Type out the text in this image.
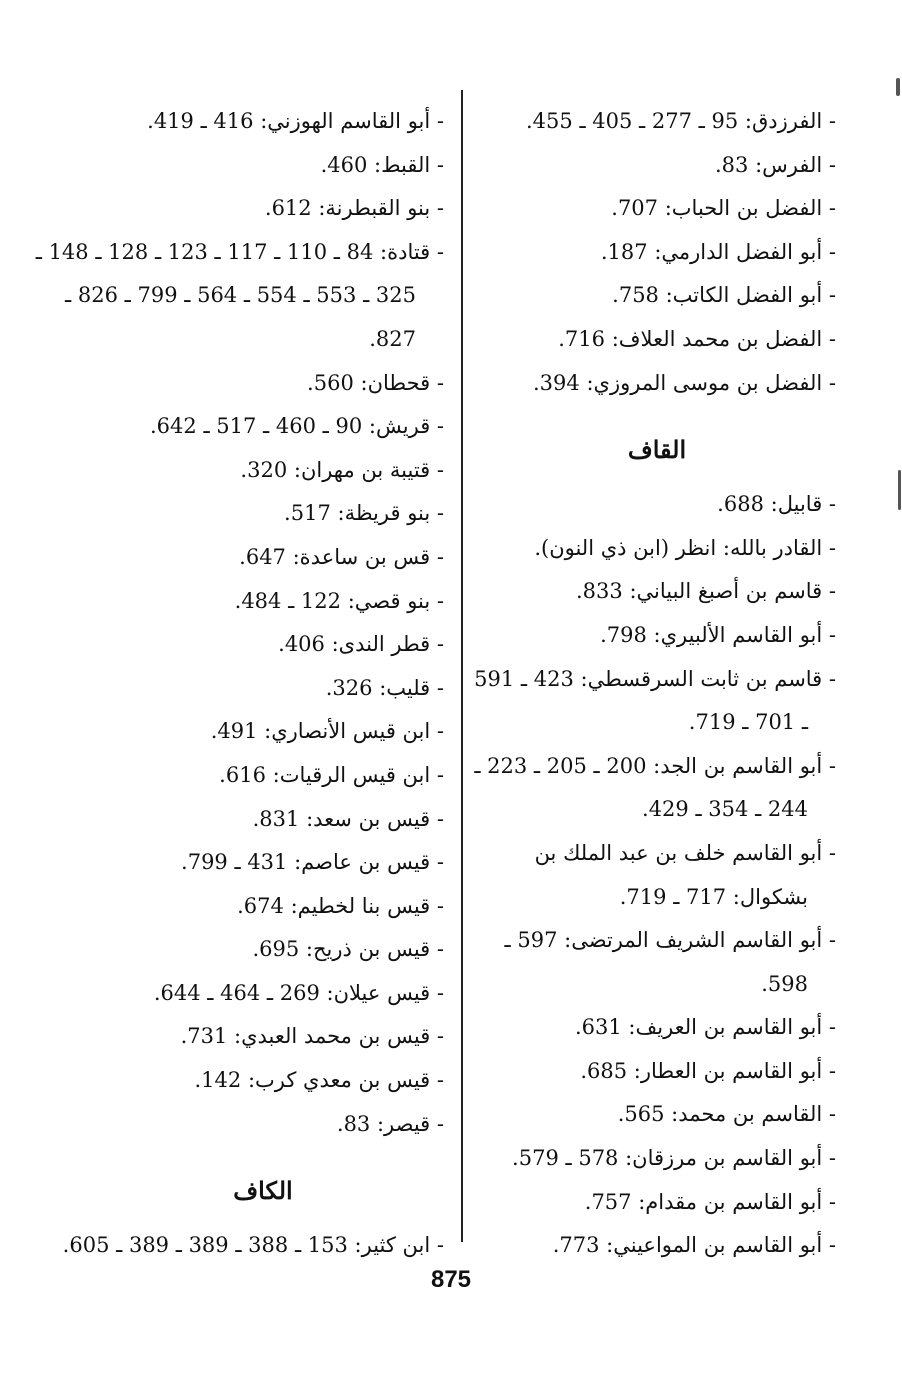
- الفرزدق: 95 ـ 277 ـ 405 ـ 455.
- الفرس: 83.
- الفضل بن الحباب: 707.
- أبو الفضل الدارمي: 187.
- أبو الفضل الكاتب: 758.
- الفضل بن محمد العلاف: 716.
- الفضل بن موسى المروزي: 394.
القاف
- قابيل: 688.
- القادر بالله: انظر (ابن ذي النون).
- قاسم بن أصبغ البياني: 833.
- أبو القاسم الألبيري: 798.
- قاسم بن ثابت السرقسطي: 423 ـ 591
ـ 701 ـ 719.
- أبو القاسم بن الجد: 200 ـ 205 ـ 223 ـ
244 ـ 354 ـ 429.
- أبو القاسم خلف بن عبد الملك بن
بشكوال: 717 ـ 719.
- أبو القاسم الشريف المرتضى: 597 ـ
598.
- أبو القاسم بن العريف: 631.
- أبو القاسم بن العطار: 685.
- القاسم بن محمد: 565.
- أبو القاسم بن مرزقان: 578 ـ 579.
- أبو القاسم بن مقدام: 757.
- أبو القاسم بن المواعيني: 773.
- أبو القاسم الهوزني: 416 ـ 419.
- القبط: 460.
- بنو القبطرنة: 612.
- قتادة: 84 ـ 110 ـ 117 ـ 123 ـ 128 ـ 148 ـ
325 ـ 553 ـ 554 ـ 564 ـ 799 ـ 826 ـ
827.
- قحطان: 560.
- قريش: 90 ـ 460 ـ 517 ـ 642.
- قتيبة بن مهران: 320.
- بنو قريظة: 517.
- قس بن ساعدة: 647.
- بنو قصي: 122 ـ 484.
- قطر الندى: 406.
- قليب: 326.
- ابن قيس الأنصاري: 491.
- ابن قيس الرقيات: 616.
- قيس بن سعد: 831.
- قيس بن عاصم: 431 ـ 799.
- قيس بنا لخطيم: 674.
- قيس بن ذريح: 695.
- قيس عيلان: 269 ـ 464 ـ 644.
- قيس بن محمد العبدي: 731.
- قيس بن معدي كرب: 142.
- قيصر: 83.
الكاف
- ابن كثير: 153 ـ 388 ـ 389 ـ 389 ـ 605.
875
